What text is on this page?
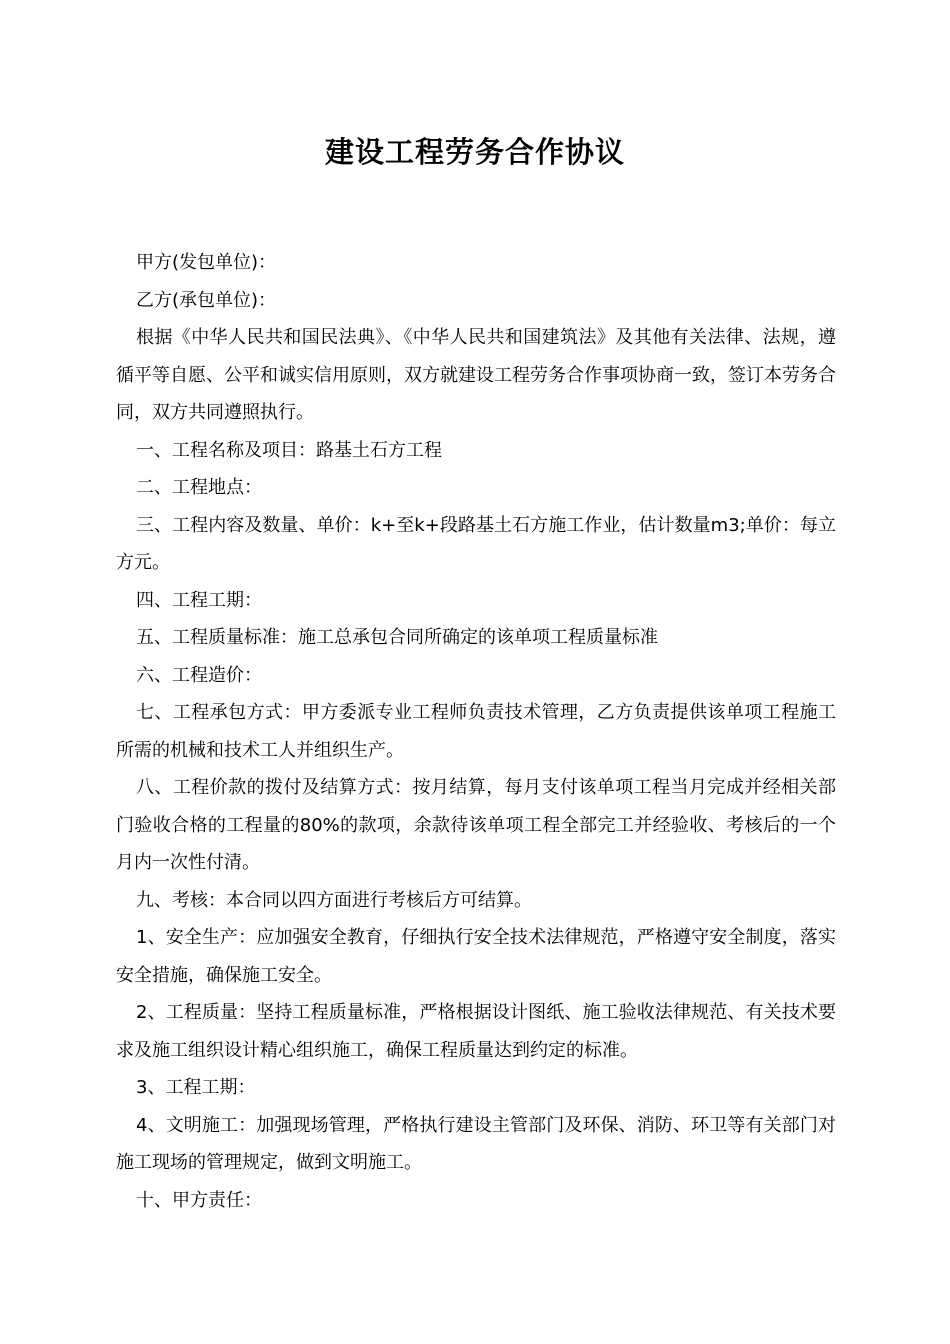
建设工程劳务合作协议

甲方(发包单位)：

乙方(承包单位)：

根据《中华人民共和国民法典》、《中华人民共和国建筑法》及其他有关法律、法规，遵循平等自愿、公平和诚实信用原则，双方就建设工程劳务合作事项协商一致，签订本劳务合同，双方共同遵照执行。

一、工程名称及项目：路基土石方工程

二、工程地点：

三、工程内容及数量、单价：k+至k+段路基土石方施工作业，估计数量m3;单价：每立方元。

四、工程工期：

五、工程质量标准：施工总承包合同所确定的该单项工程质量标准

六、工程造价：

七、工程承包方式：甲方委派专业工程师负责技术管理，乙方负责提供该单项工程施工所需的机械和技术工人并组织生产。

八、工程价款的拨付及结算方式：按月结算，每月支付该单项工程当月完成并经相关部门验收合格的工程量的80%的款项，余款待该单项工程全部完工并经验收、考核后的一个月内一次性付清。

九、考核：本合同以四方面进行考核后方可结算。

1、安全生产：应加强安全教育，仔细执行安全技术法律规范，严格遵守安全制度，落实安全措施，确保施工安全。

2、工程质量：坚持工程质量标准，严格根据设计图纸、施工验收法律规范、有关技术要求及施工组织设计精心组织施工，确保工程质量达到约定的标准。

3、工程工期：

4、文明施工：加强现场管理，严格执行建设主管部门及环保、消防、环卫等有关部门对施工现场的管理规定，做到文明施工。

十、甲方责任：
